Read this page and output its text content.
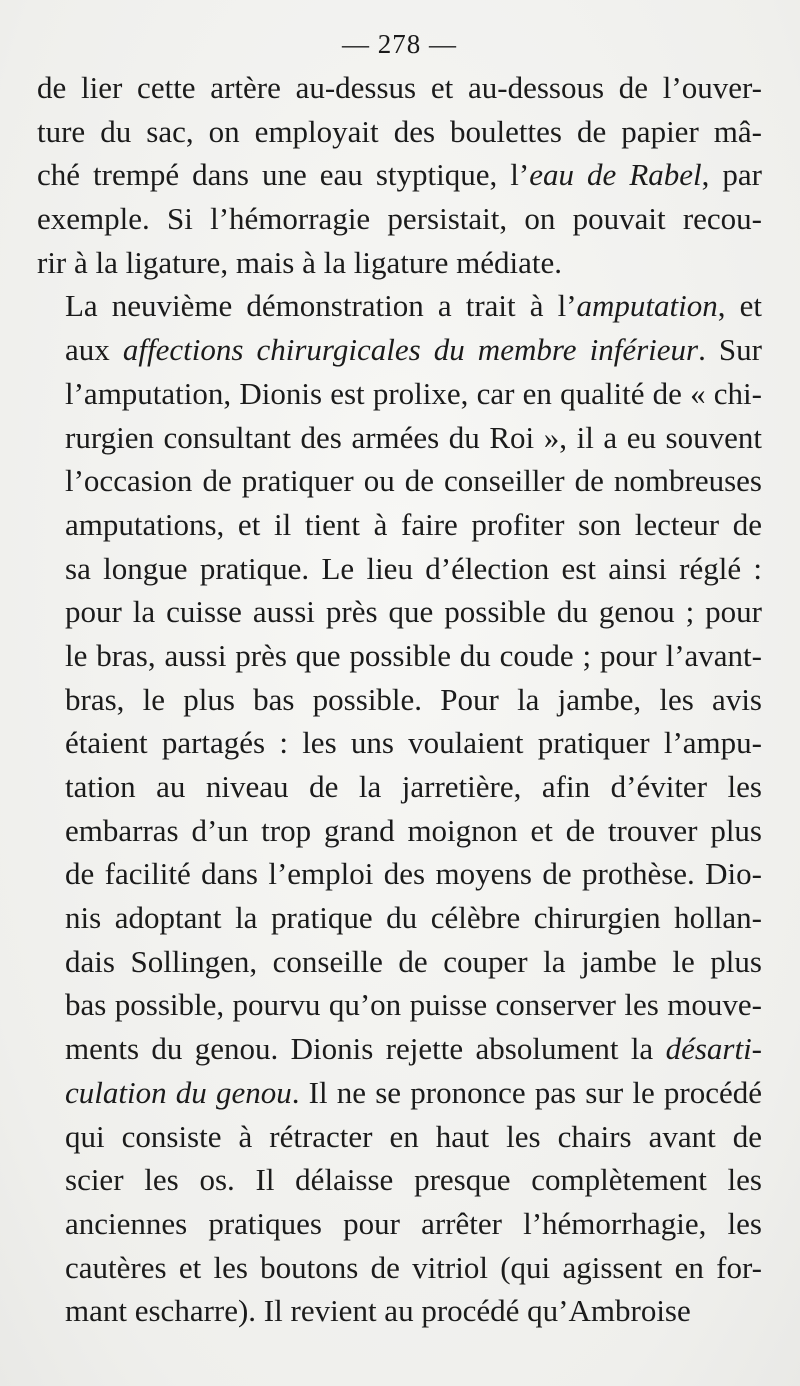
— 278 —

de lier cette artère au-dessus et au-dessous de l’ouver-
ture du sac, on employait des boulettes de papier mâ-
ché trempé dans une eau styptique, l’eau de Rabel, par
exemple. Si l’hémorragie persistait, on pouvait recou-
rir à la ligature, mais à la ligature médiate.

La neuvième démonstration a trait à l’amputation, et
aux affections chirurgicales du membre inférieur. Sur
l’amputation, Dionis est prolixe, car en qualité de « chi-
rurgien consultant des armées du Roi », il a eu souvent
l’occasion de pratiquer ou de conseiller de nombreuses
amputations, et il tient à faire profiter son lecteur de
sa longue pratique. Le lieu d’élection est ainsi réglé :
pour la cuisse aussi près que possible du genou ; pour
le bras, aussi près que possible du coude ; pour l’avant-
bras, le plus bas possible. Pour la jambe, les avis
étaient partagés : les uns voulaient pratiquer l’ampu-
tation au niveau de la jarretière, afin d’éviter les
embarras d’un trop grand moignon et de trouver plus
de facilité dans l’emploi des moyens de prothèse. Dio-
nis adoptant la pratique du célèbre chirurgien hollan-
dais Sollingen, conseille de couper la jambe le plus
bas possible, pourvu qu’on puisse conserver les mouve-
ments du genou. Dionis rejette absolument la désarti-
culation du genou. Il ne se prononce pas sur le procédé
qui consiste à rétracter en haut les chairs avant de
scier les os. Il délaisse presque complètement les
anciennes pratiques pour arrêter l’hémorrhagie, les
cautères et les boutons de vitriol (qui agissent en for-
mant escharre). Il revient au procédé qu’Ambroise
